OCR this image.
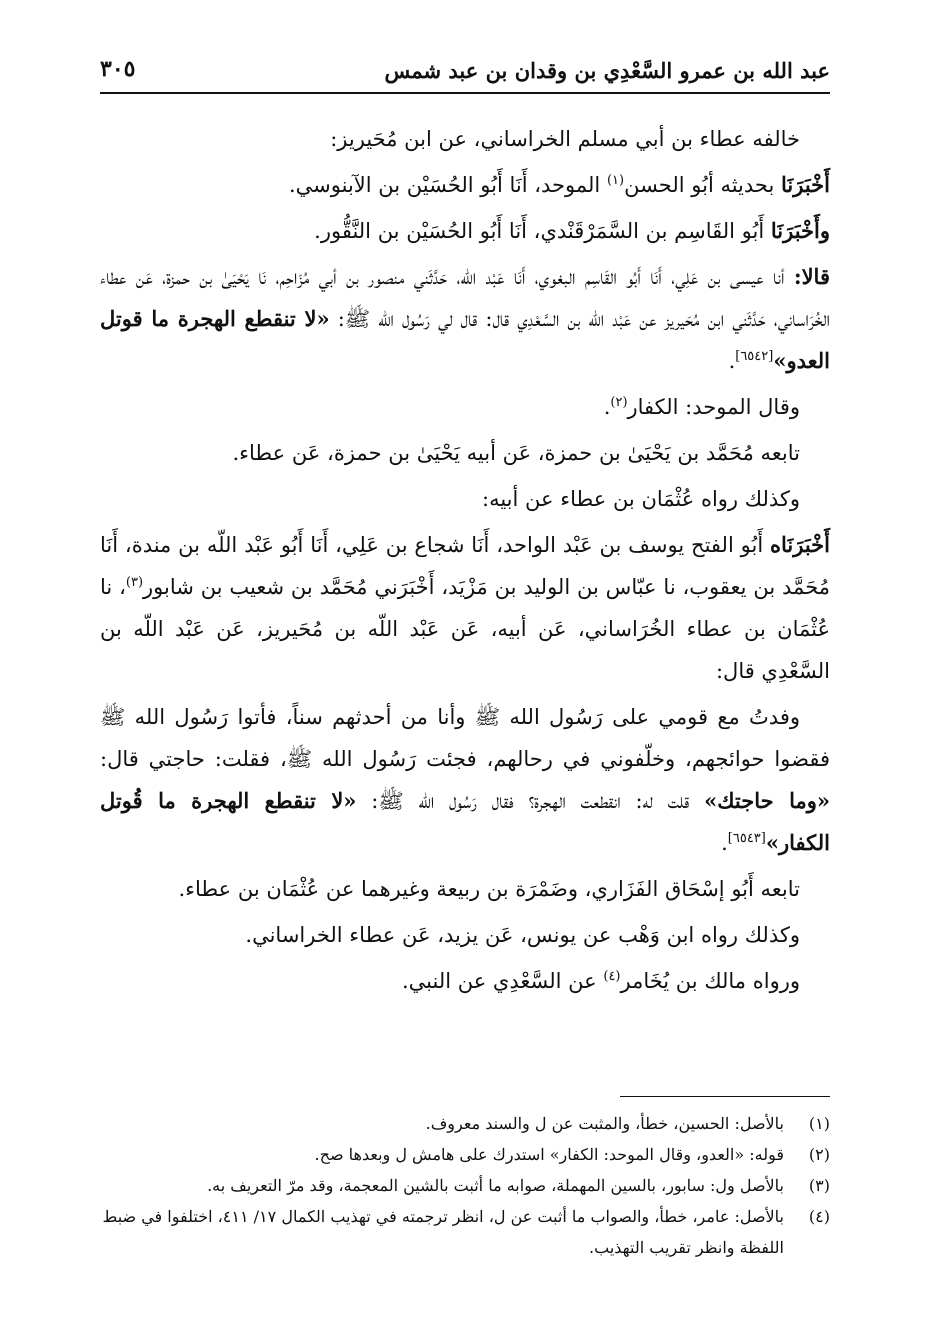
عبد الله بن عمرو السَّعْدِي بن وقدان بن عبد شمس
٣٠٥

خالفه عطاء بن أبي مسلم الخراساني، عن ابن مُحَيريز:

أَخْبَرَنَا بحديثه أبُو الحسن$^{(١)}$ الموحد، أَنَا أَبُو الحُسَيْن بن الآبنوسي.

وأَخْبَرَنَا أَبُو القَاسِم بن السَّمَرْقَنْدي، أَنَا أَبُو الحُسَيْن بن النَّقُّور.

قالا: أنا عيسى بن عَلِي، أَنَا أَبُو القَاسِم البغوي، أَنَا عَبْد اللّه، حَدَّثَني منصور بن أبي مُزَاحِم، نَا يَحْيَىٰ بن حمزة، عَن عطاء الخُرَاساني، حَدَّثَني ابن مُحَيريز عن عَبْد اللّه بن السَّعْدِي قال: قال لي رَسُول الله ﷺ: «لا تنقطع الهجرة ما قوتل العدو»[٦٥٤٢].

وقال الموحد: الكفار$^{(٢)}$.

تابعه مُحَمَّد بن يَحْيَىٰ بن حمزة، عَن أبيه يَحْيَىٰ بن حمزة، عَن عطاء.

وكذلك رواه عُثْمَان بن عطاء عن أبيه:

أَخْبَرَنَاه أَبُو الفتح يوسف بن عَبْد الواحد، أَنَا شجاع بن عَلِي، أَنَا أَبُو عَبْد اللّه بن مندة، أَنَا مُحَمَّد بن يعقوب، نا عبّاس بن الوليد بن مَزْيَد، أَخْبَرَني مُحَمَّد بن شعيب بن شابور$^{(٣)}$، نا عُثْمَان بن عطاء الخُرَاساني، عَن أبيه، عَن عَبْد اللّه بن مُحَيريز، عَن عَبْد اللّه بن السَّعْدِي قال:

وفدتُ مع قومي على رَسُول الله ﷺ وأنا من أحدثهم سناً، فأتوا رَسُول الله ﷺ فقضوا حوائجهم، وخلّفوني في رحالهم، فجئت رَسُول الله ﷺ، فقلت: حاجتي قال: «وما حاجتك» قلت له: انقطعت الهجرة؟ فقال رَسُول الله ﷺ: «لا تنقطع الهجرة ما قُوتل الكفار»[٦٥٤٣].

تابعه أَبُو إسْحَاق الفَزَاري، وضَمْرَة بن ربيعة وغيرهما عن عُثْمَان بن عطاء.

وكذلك رواه ابن وَهْب عن يونس، عَن يزيد، عَن عطاء الخراساني.

ورواه مالك بن يُخَامر$^{(٤)}$ عن السَّعْدِي عن النبي.

(١)
بالأصل: الحسين، خطأ، والمثبت عن ل والسند معروف.
(٢)
قوله: «العدو، وقال الموحد: الكفار» استدرك على هامش ل وبعدها صح.
(٣)
بالأصل ول: سابور، بالسين المهملة، صوابه ما أثبت بالشين المعجمة، وقد مرّ التعريف به.
(٤)
بالأصل: عامر، خطأ، والصواب ما أثبت عن ل، انظر ترجمته في تهذيب الكمال ١٧/ ٤١١، اختلفوا في ضبط اللفظة وانظر تقريب التهذيب.
